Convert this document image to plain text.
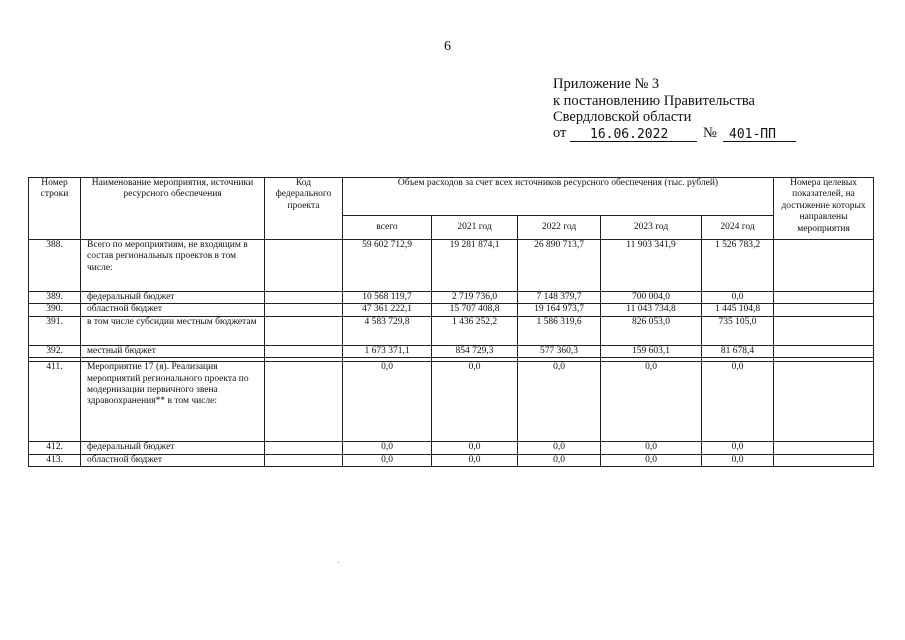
6
Приложение № 3
к постановлению Правительства
Свердловской области
от 16.06.2022 № 401-ПП
Номер строки	Наименование мероприятия, источники ресурсного обеспечения	Код федерального проекта	Объем расходов за счет всех источников ресурсного обеспечения (тыс. рублей)					Номера целевых показателей, на достижение которых направлены мероприятия
			всего	2021 год	2022 год	2023 год	2024 год	
388.	Всего по мероприятиям, не входящим в состав региональных проектов в том числе:		59 602 712,9	19 281 874,1	26 890 713,7	11 903 341,9	1 526 783,2	
389.	федеральный бюджет		10 568 119,7	2 719 736,0	7 148 379,7	700 004,0	0,0	
390.	областной бюджет		47 361 222,1	15 707 408,8	19 164 973,7	11 043 734,8	1 445 104,8	
391.	в том числе субсидии местным бюджетам		4 583 729,8	1 436 252,2	1 586 319,6	826 053,0	735 105,0	
392.	местный бюджет		1 673 371,1	854 729,3	577 360,3	159 603,1	81 678,4	

411.	Мероприятие 17 (я). Реализация мероприятий регионального проекта по модернизации первичного звена здравоохранения** в том числе:		0,0	0,0	0,0	0,0	0,0	
412.	федеральный бюджет		0,0	0,0	0,0	0,0	0,0	
413.	областной бюджет		0,0	0,0	0,0	0,0	0,0	
